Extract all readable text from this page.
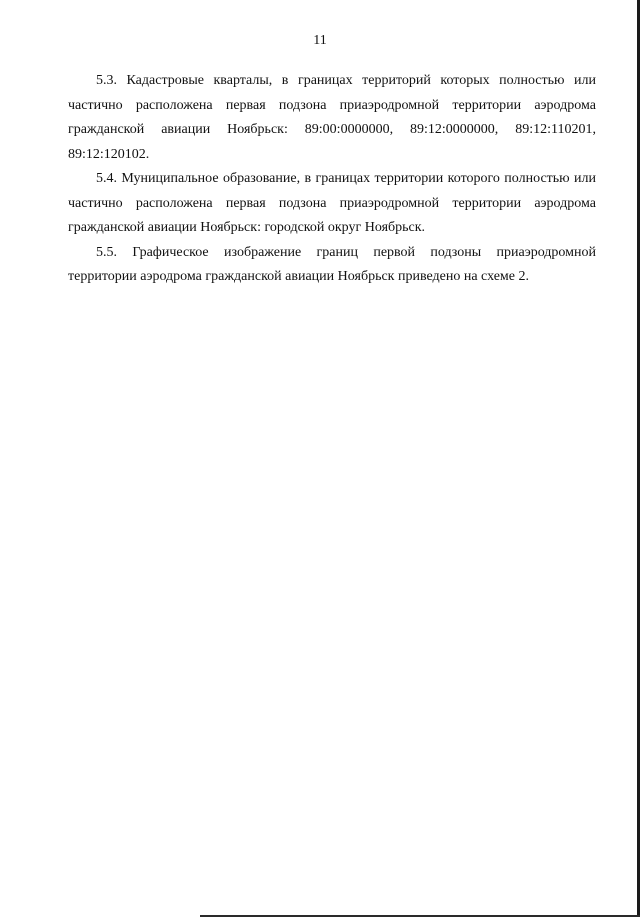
11

5.3. Кадастровые кварталы, в границах территорий которых полностью или частично расположена первая подзона приаэродромной территории аэродрома гражданской авиации Ноябрьск: 89:00:0000000, 89:12:0000000, 89:12:110201, 89:12:120102.

5.4. Муниципальное образование, в границах территории которого полностью или частично расположена первая подзона приаэродромной территории аэродрома гражданской авиации Ноябрьск: городской округ Ноябрьск.

5.5. Графическое изображение границ первой подзоны приаэродромной территории аэродрома гражданской авиации Ноябрьск приведено на схеме 2.
